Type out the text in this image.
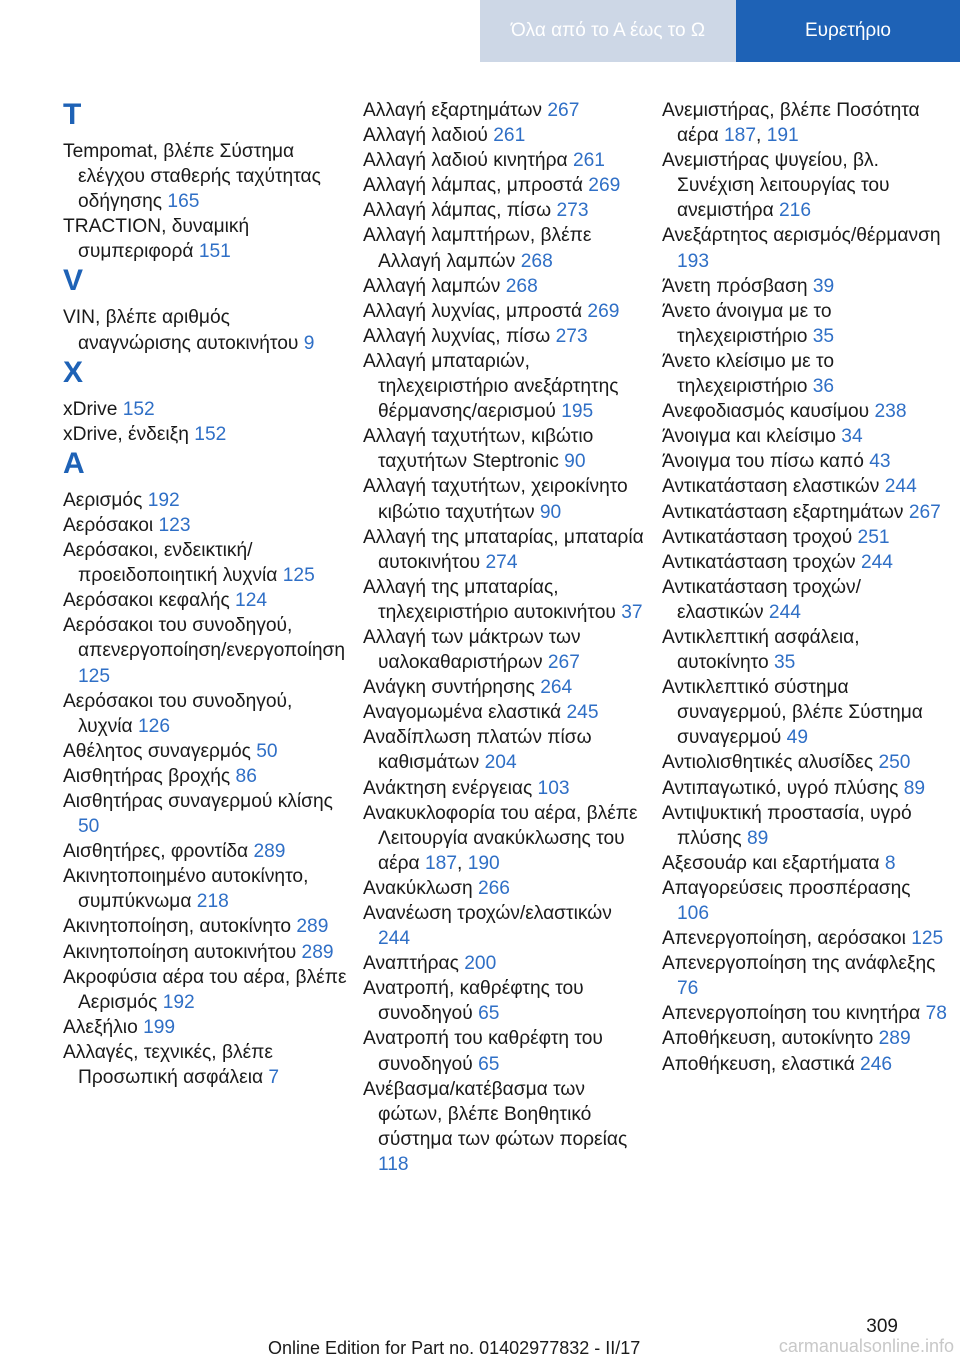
Όλα από το Α έως το Ω	Ευρετήριο
T

Tempomat, βλέπε Σύστημα ελέγχου σταθερής ταχύτητας οδήγησης 165

TRACTION, δυναμική συμπεριφορά 151

V

VIN, βλέπε αριθμός αναγνώρισης αυτοκινήτου 9

X

xDrive 152

xDrive, ένδειξη 152

A

Αερισμός 192

Αερόσακοι 123

Αερόσακοι, ενδεικτική/προειδοποιητική λυχνία 125

Αερόσακοι κεφαλής 124

Αερόσακοι του συνοδηγού, απενεργοποίηση/ενεργοποίηση 125

Αερόσακοι του συνοδηγού, λυχνία 126

Αθέλητος συναγερμός 50

Αισθητήρας βροχής 86

Αισθητήρας συναγερμού κλίσης 50

Αισθητήρες, φροντίδα 289

Ακινητοποιημένο αυτοκίνητο, συμπύκνωμα 218

Ακινητοποίηση, αυτοκίνητο 289

Ακινητοποίηση αυτοκινήτου 289

Ακροφύσια αέρα του αέρα, βλέπε Αερισμός 192

Αλεξήλιο 199

Αλλαγές, τεχνικές, βλέπε Προσωπική ασφάλεια 7

Αλλαγή εξαρτημάτων 267

Αλλαγή λαδιού 261

Αλλαγή λαδιού κινητήρα 261

Αλλαγή λάμπας, μπροστά 269

Αλλαγή λάμπας, πίσω 273

Αλλαγή λαμπτήρων, βλέπε Αλλαγή λαμπών 268

Αλλαγή λαμπών 268

Αλλαγή λυχνίας, μπροστά 269

Αλλαγή λυχνίας, πίσω 273

Αλλαγή μπαταριών, τηλεχειριστήριο ανεξάρτητης θέρμανσης/αερισμού 195

Αλλαγή ταχυτήτων, κιβώτιο ταχυτήτων Steptronic 90

Αλλαγή ταχυτήτων, χειροκίνητο κιβώτιο ταχυτήτων 90

Αλλαγή της μπαταρίας, μπαταρία αυτοκινήτου 274

Αλλαγή της μπαταρίας, τηλεχειριστήριο αυτοκινήτου 37

Αλλαγή των μάκτρων των υαλοκαθαριστήρων 267

Ανάγκη συντήρησης 264

Αναγομωμένα ελαστικά 245

Αναδίπλωση πλατών πίσω καθισμάτων 204

Ανάκτηση ενέργειας 103

Ανακυκλοφορία του αέρα, βλέπε Λειτουργία ανακύκλωσης του αέρα 187, 190

Ανακύκλωση 266

Ανανέωση τροχών/ελαστικών 244

Αναπτήρας 200

Ανατροπή, καθρέφτης του συνοδηγού 65

Ανατροπή του καθρέφτη του συνοδηγού 65

Ανέβασμα/κατέβασμα των φώτων, βλέπε Βοηθητικό σύστημα των φώτων πορείας 118

Ανεμιστήρας, βλέπε Ποσότητα αέρα 187, 191

Ανεμιστήρας ψυγείου, βλ. Συνέχιση λειτουργίας του ανεμιστήρα 216

Ανεξάρτητος αερισμός/θέρμανση 193

Άνετη πρόσβαση 39

Άνετο άνοιγμα με το τηλεχειριστήριο 35

Άνετο κλείσιμο με το τηλεχειριστήριο 36

Ανεφοδιασμός καυσίμου 238

Άνοιγμα και κλείσιμο 34

Άνοιγμα του πίσω καπό 43

Αντικατάσταση ελαστικών 244

Αντικατάσταση εξαρτημάτων 267

Αντικατάσταση τροχού 251

Αντικατάσταση τροχών 244

Αντικατάσταση τροχών/ελαστικών 244

Αντικλεπτική ασφάλεια, αυτοκίνητο 35

Αντικλεπτικό σύστημα συναγερμού, βλέπε Σύστημα συναγερμού 49

Αντιολισθητικές αλυσίδες 250

Αντιπαγωτικό, υγρό πλύσης 89

Αντιψυκτική προστασία, υγρό πλύσης 89

Αξεσουάρ και εξαρτήματα 8

Απαγορεύσεις προσπέρασης 106

Απενεργοποίηση, αερόσακοι 125

Απενεργοποίηση της ανάφλεξης 76

Απενεργοποίηση του κινητήρα 78

Αποθήκευση, αυτοκίνητο 289

Αποθήκευση, ελαστικά 246

309
Online Edition for Part no. 01402977832 - II/17	carmanualsonline.info
